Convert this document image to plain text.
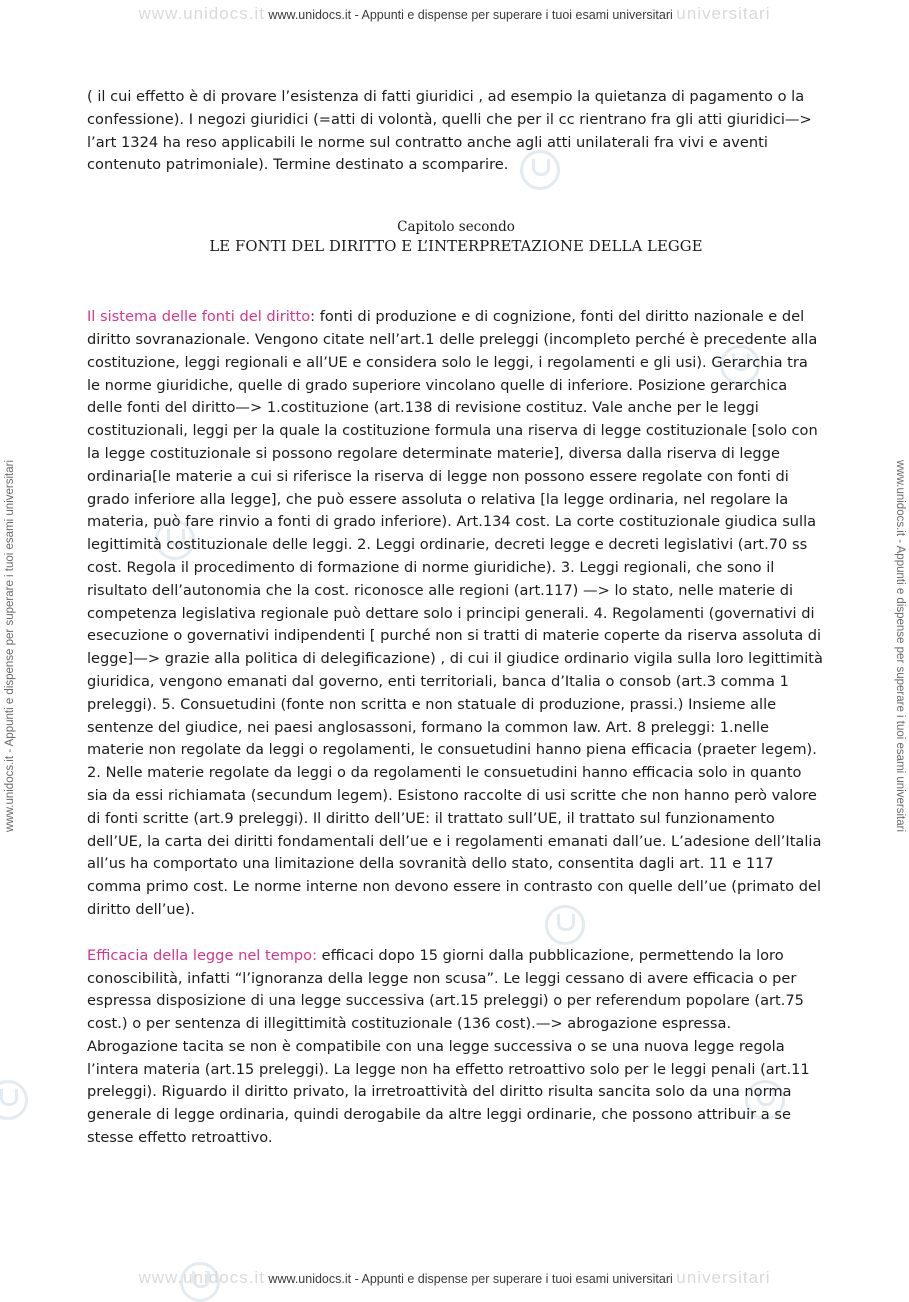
www.unidocs.it www.unidocs.it - Appunti e dispense per superare i tuoi esami universitari universitari
www.unidocs.it - Appunti e dispense per superare i tuoi esami universitari	www.unidocs.it - Appunti e dispense per superare i tuoi esami universitari

( il cui effetto è di provare l’esistenza di fatti giuridici , ad esempio la quietanza di pagamento o la confessione). I negozi giuridici (=atti di volontà, quelli che per il cc rientrano fra gli atti giuridici—> l’art 1324 ha reso applicabili le norme sul contratto anche agli atti unilaterali fra vivi e aventi contenuto patrimoniale). Termine destinato a scomparire.

Capitolo secondo
LE FONTI DEL DIRITTO E L’INTERPRETAZIONE DELLA LEGGE

Il sistema delle fonti del diritto: fonti di produzione e di cognizione, fonti del diritto nazionale e del diritto sovranazionale. Vengono citate nell’art.1 delle preleggi (incompleto perché è precedente alla costituzione, leggi regionali e all’UE e considera solo le leggi, i regolamenti e gli usi). Gerarchia tra le norme giuridiche, quelle di grado superiore vincolano quelle di inferiore. Posizione gerarchica delle fonti del diritto—> 1.costituzione (art.138 di revisione costituz. Vale anche per le leggi costituzionali, leggi per la quale la costituzione formula una riserva di legge costituzionale [solo con la legge costituzionale si possono regolare determinate materie], diversa dalla riserva di legge ordinaria[le materie a cui si riferisce la riserva di legge non possono essere regolate con fonti di grado inferiore alla legge], che può essere assoluta o relativa [la legge ordinaria, nel regolare la materia, può fare rinvio a fonti di grado inferiore). Art.134 cost. La corte costituzionale giudica sulla legittimità costituzionale delle leggi. 2. Leggi ordinarie, decreti legge e decreti legislativi (art.70 ss cost. Regola il procedimento di formazione di norme giuridiche). 3. Leggi regionali, che sono il risultato dell’autonomia che la cost. riconosce alle regioni (art.117) —> lo stato, nelle materie di competenza legislativa regionale può dettare solo i principi generali. 4. Regolamenti (governativi di esecuzione o governativi indipendenti [ purché non si tratti di materie coperte da riserva assoluta di legge]—> grazie alla politica di delegificazione) , di cui il giudice ordinario vigila sulla loro legittimità giuridica, vengono emanati dal governo, enti territoriali, banca d’Italia o consob (art.3 comma 1 preleggi). 5. Consuetudini (fonte non scritta e non statuale di produzione, prassi.) Insieme alle sentenze del giudice, nei paesi anglosassoni, formano la common law. Art. 8 preleggi: 1.nelle materie non regolate da leggi o regolamenti, le consuetudini hanno piena efficacia (praeter legem). 2. Nelle materie regolate da leggi o da regolamenti le consuetudini hanno efficacia solo in quanto sia da essi richiamata (secundum legem). Esistono raccolte di usi scritte che non hanno però valore di fonti scritte (art.9 preleggi). Il diritto dell’UE: il trattato sull’UE, il trattato sul funzionamento dell’UE, la carta dei diritti fondamentali dell’ue e i regolamenti emanati dall’ue. L’adesione dell’Italia all’us ha comportato una limitazione della sovranità dello stato, consentita dagli art. 11 e 117 comma primo cost. Le norme interne non devono essere in contrasto con quelle dell’ue (primato del diritto dell’ue).

Efficacia della legge nel tempo: efficaci dopo 15 giorni dalla pubblicazione, permettendo la loro conoscibilità, infatti “l’ignoranza della legge non scusa”. Le leggi cessano di avere efficacia o per espressa disposizione di una legge successiva (art.15 preleggi) o per referendum popolare (art.75 cost.) o per sentenza di illegittimità costituzionale (136 cost).—> abrogazione espressa. Abrogazione tacita se non è compatibile con una legge successiva o se una nuova legge regola l’intera materia (art.15 preleggi). La legge non ha effetto retroattivo solo per le leggi penali (art.11 preleggi). Riguardo il diritto privato, la irretroattività del diritto risulta sancita solo da una norma generale di legge ordinaria, quindi derogabile da altre leggi ordinarie, che possono attribuir a se stesse effetto retroattivo.

www.unidocs.it www.unidocs.it - Appunti e dispense per superare i tuoi esami universitari universitari
